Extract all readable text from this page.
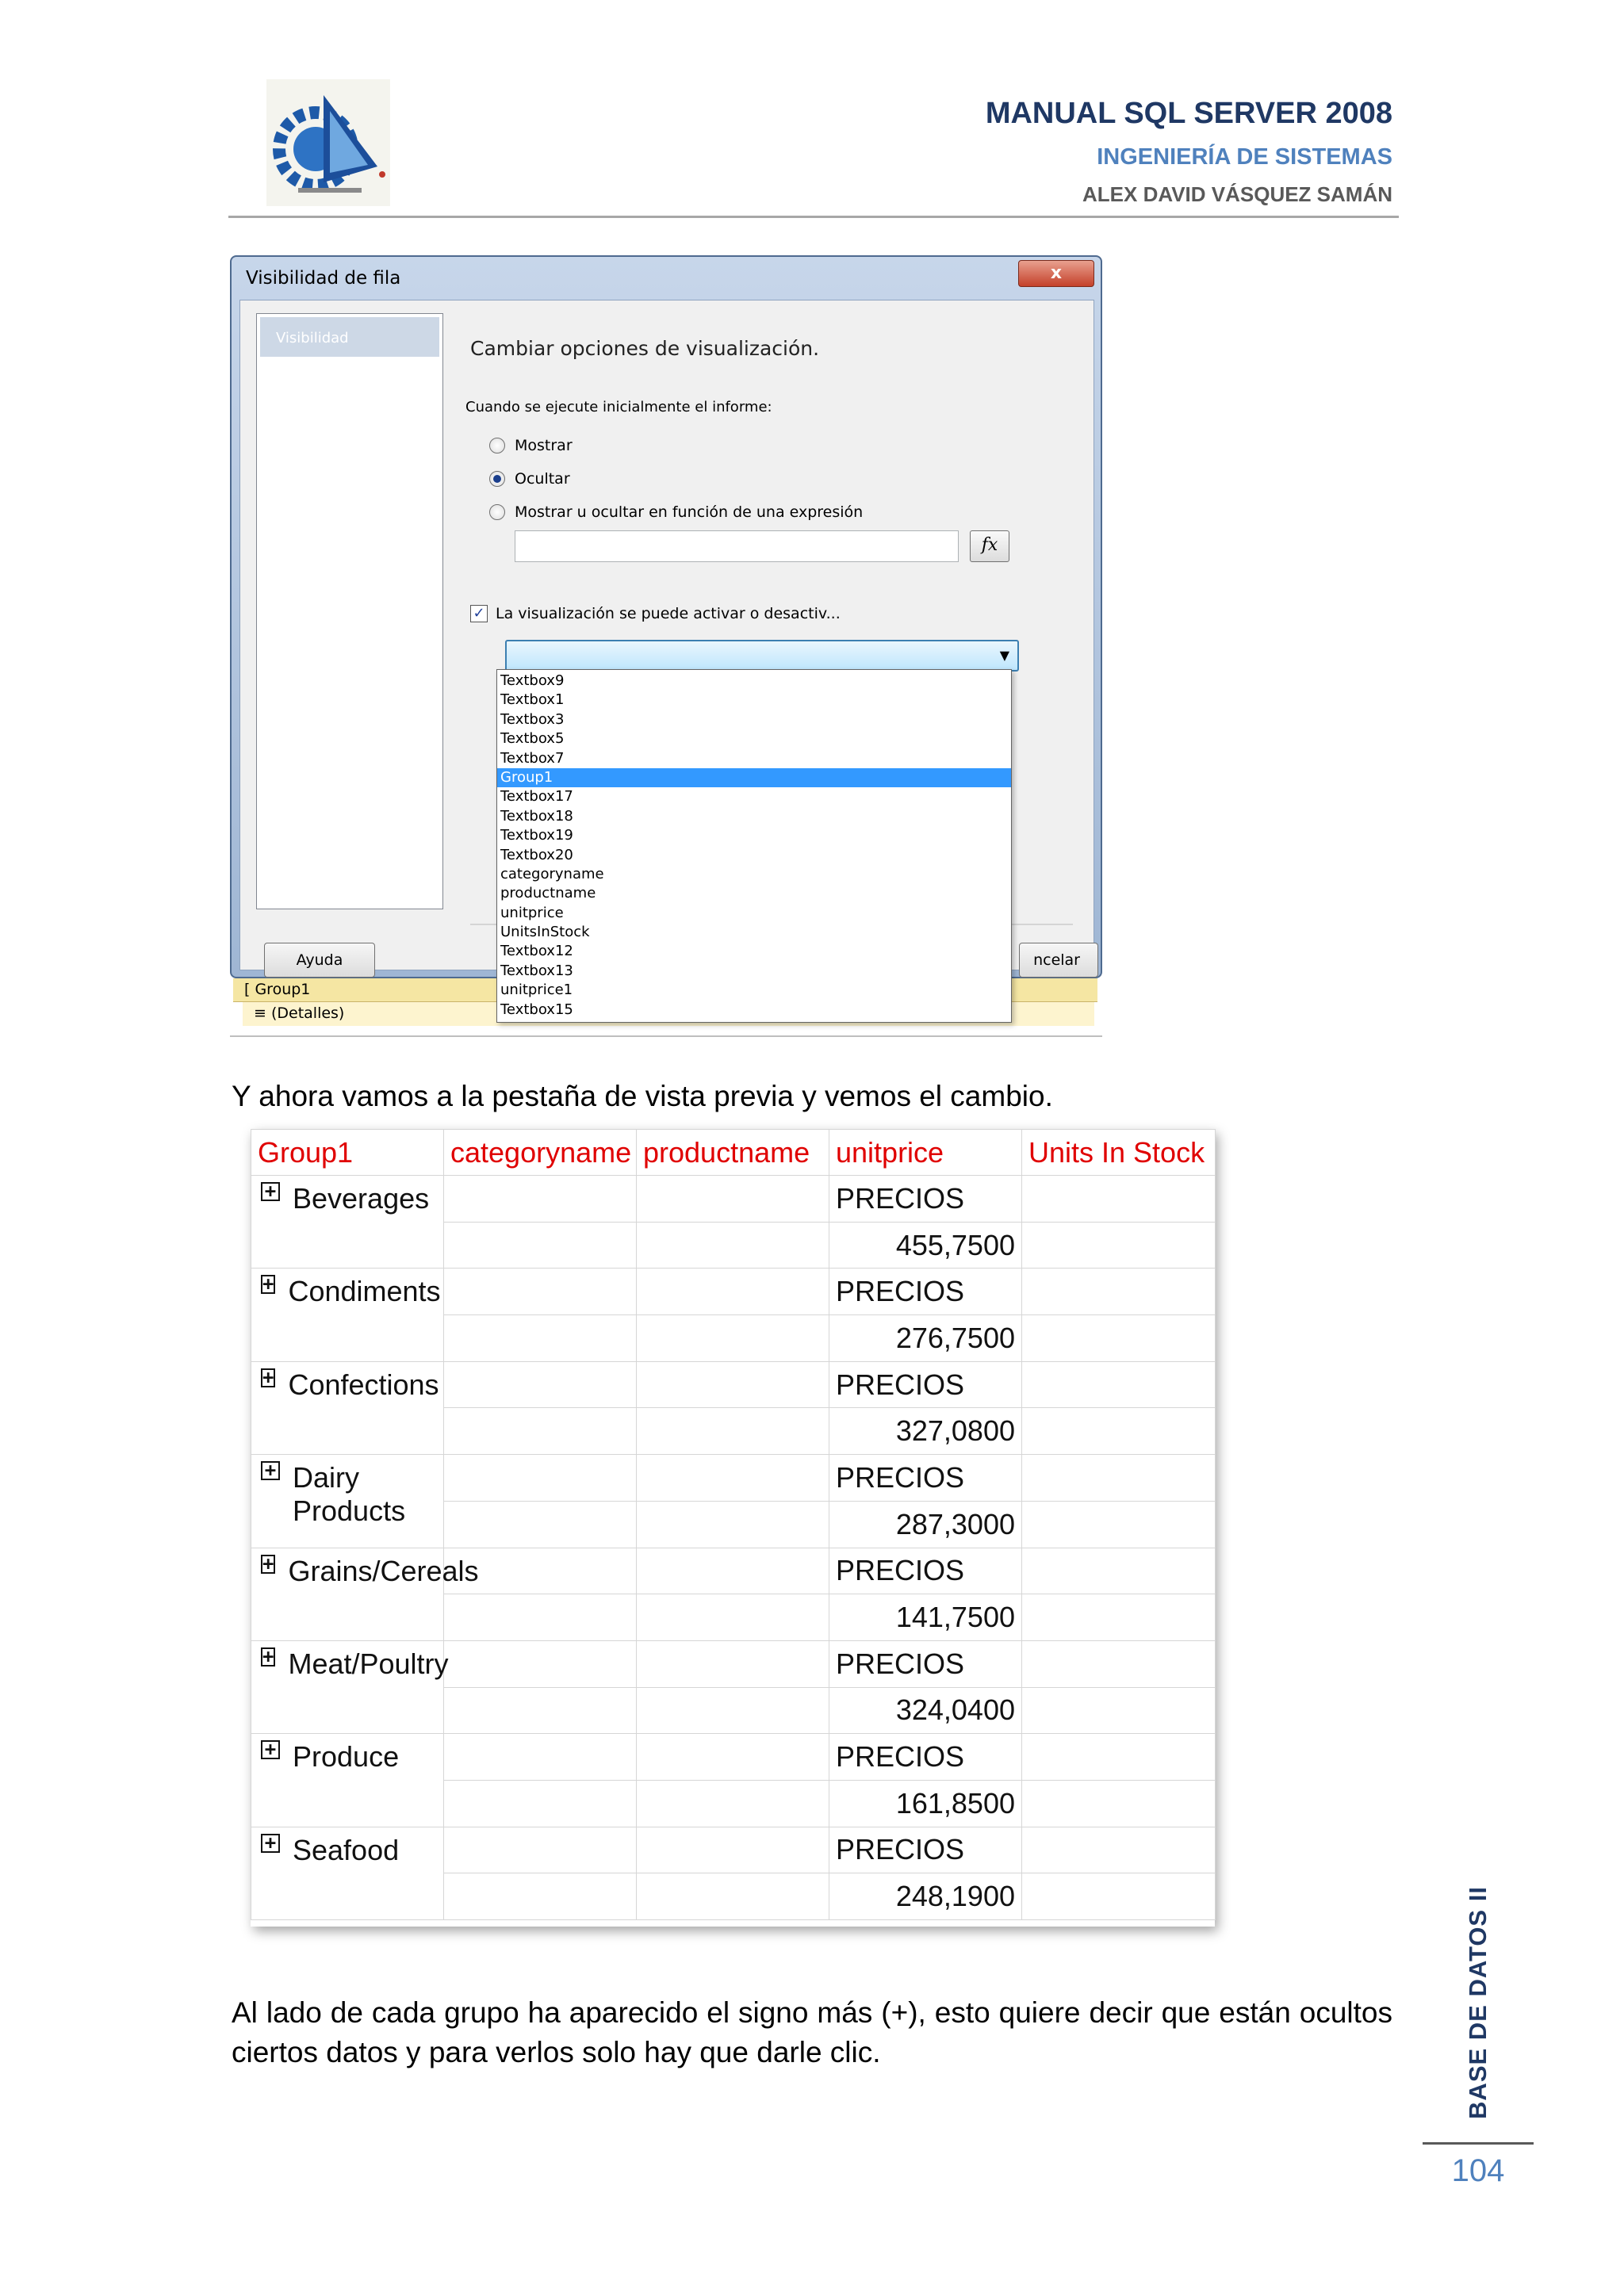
MANUAL SQL SERVER 2008
INGENIERÍA DE SISTEMAS
ALEX DAVID VÁSQUEZ SAMÁN
Visibilidad de fila	x
Visibilidad	Cambiar opciones de visualización.
Cuando se ejecute inicialmente el informe:
Mostrar
Ocultar
Mostrar u ocultar en función de una expresión
fx
✓ La visualización se puede activar o desactiv...
▼
Ayuda	ncelar
[ Group1
≡ (Detalles)
Textbox9
Textbox1
Textbox3
Textbox5
Textbox7
Group1
Textbox17
Textbox18
Textbox19
Textbox20
categoryname
productname
unitprice
UnitsInStock
Textbox12
Textbox13
unitprice1
Textbox15
Y ahora vamos a la pestaña de vista previa y vemos el cambio.
Group1	categoryname	productname	unitprice	Units In Stock

+ Beverages			PRECIOS	
			455,7500	

+ Condiments			PRECIOS	
			276,7500	

+ Confections			PRECIOS	
			327,0800	

+ Dairy Products			PRECIOS	
			287,3000	

+ Grains/Cereals			PRECIOS	
			141,7500	

+ Meat/Poultry			PRECIOS	
			324,0400	

+ Produce			PRECIOS	
			161,8500	

+ Seafood			PRECIOS	
			248,1900	
Al lado de cada grupo ha aparecido el signo más (+), esto quiere decir que están ocultos ciertos datos y para verlos solo hay que darle clic.	BASE DE DATOS II
104
